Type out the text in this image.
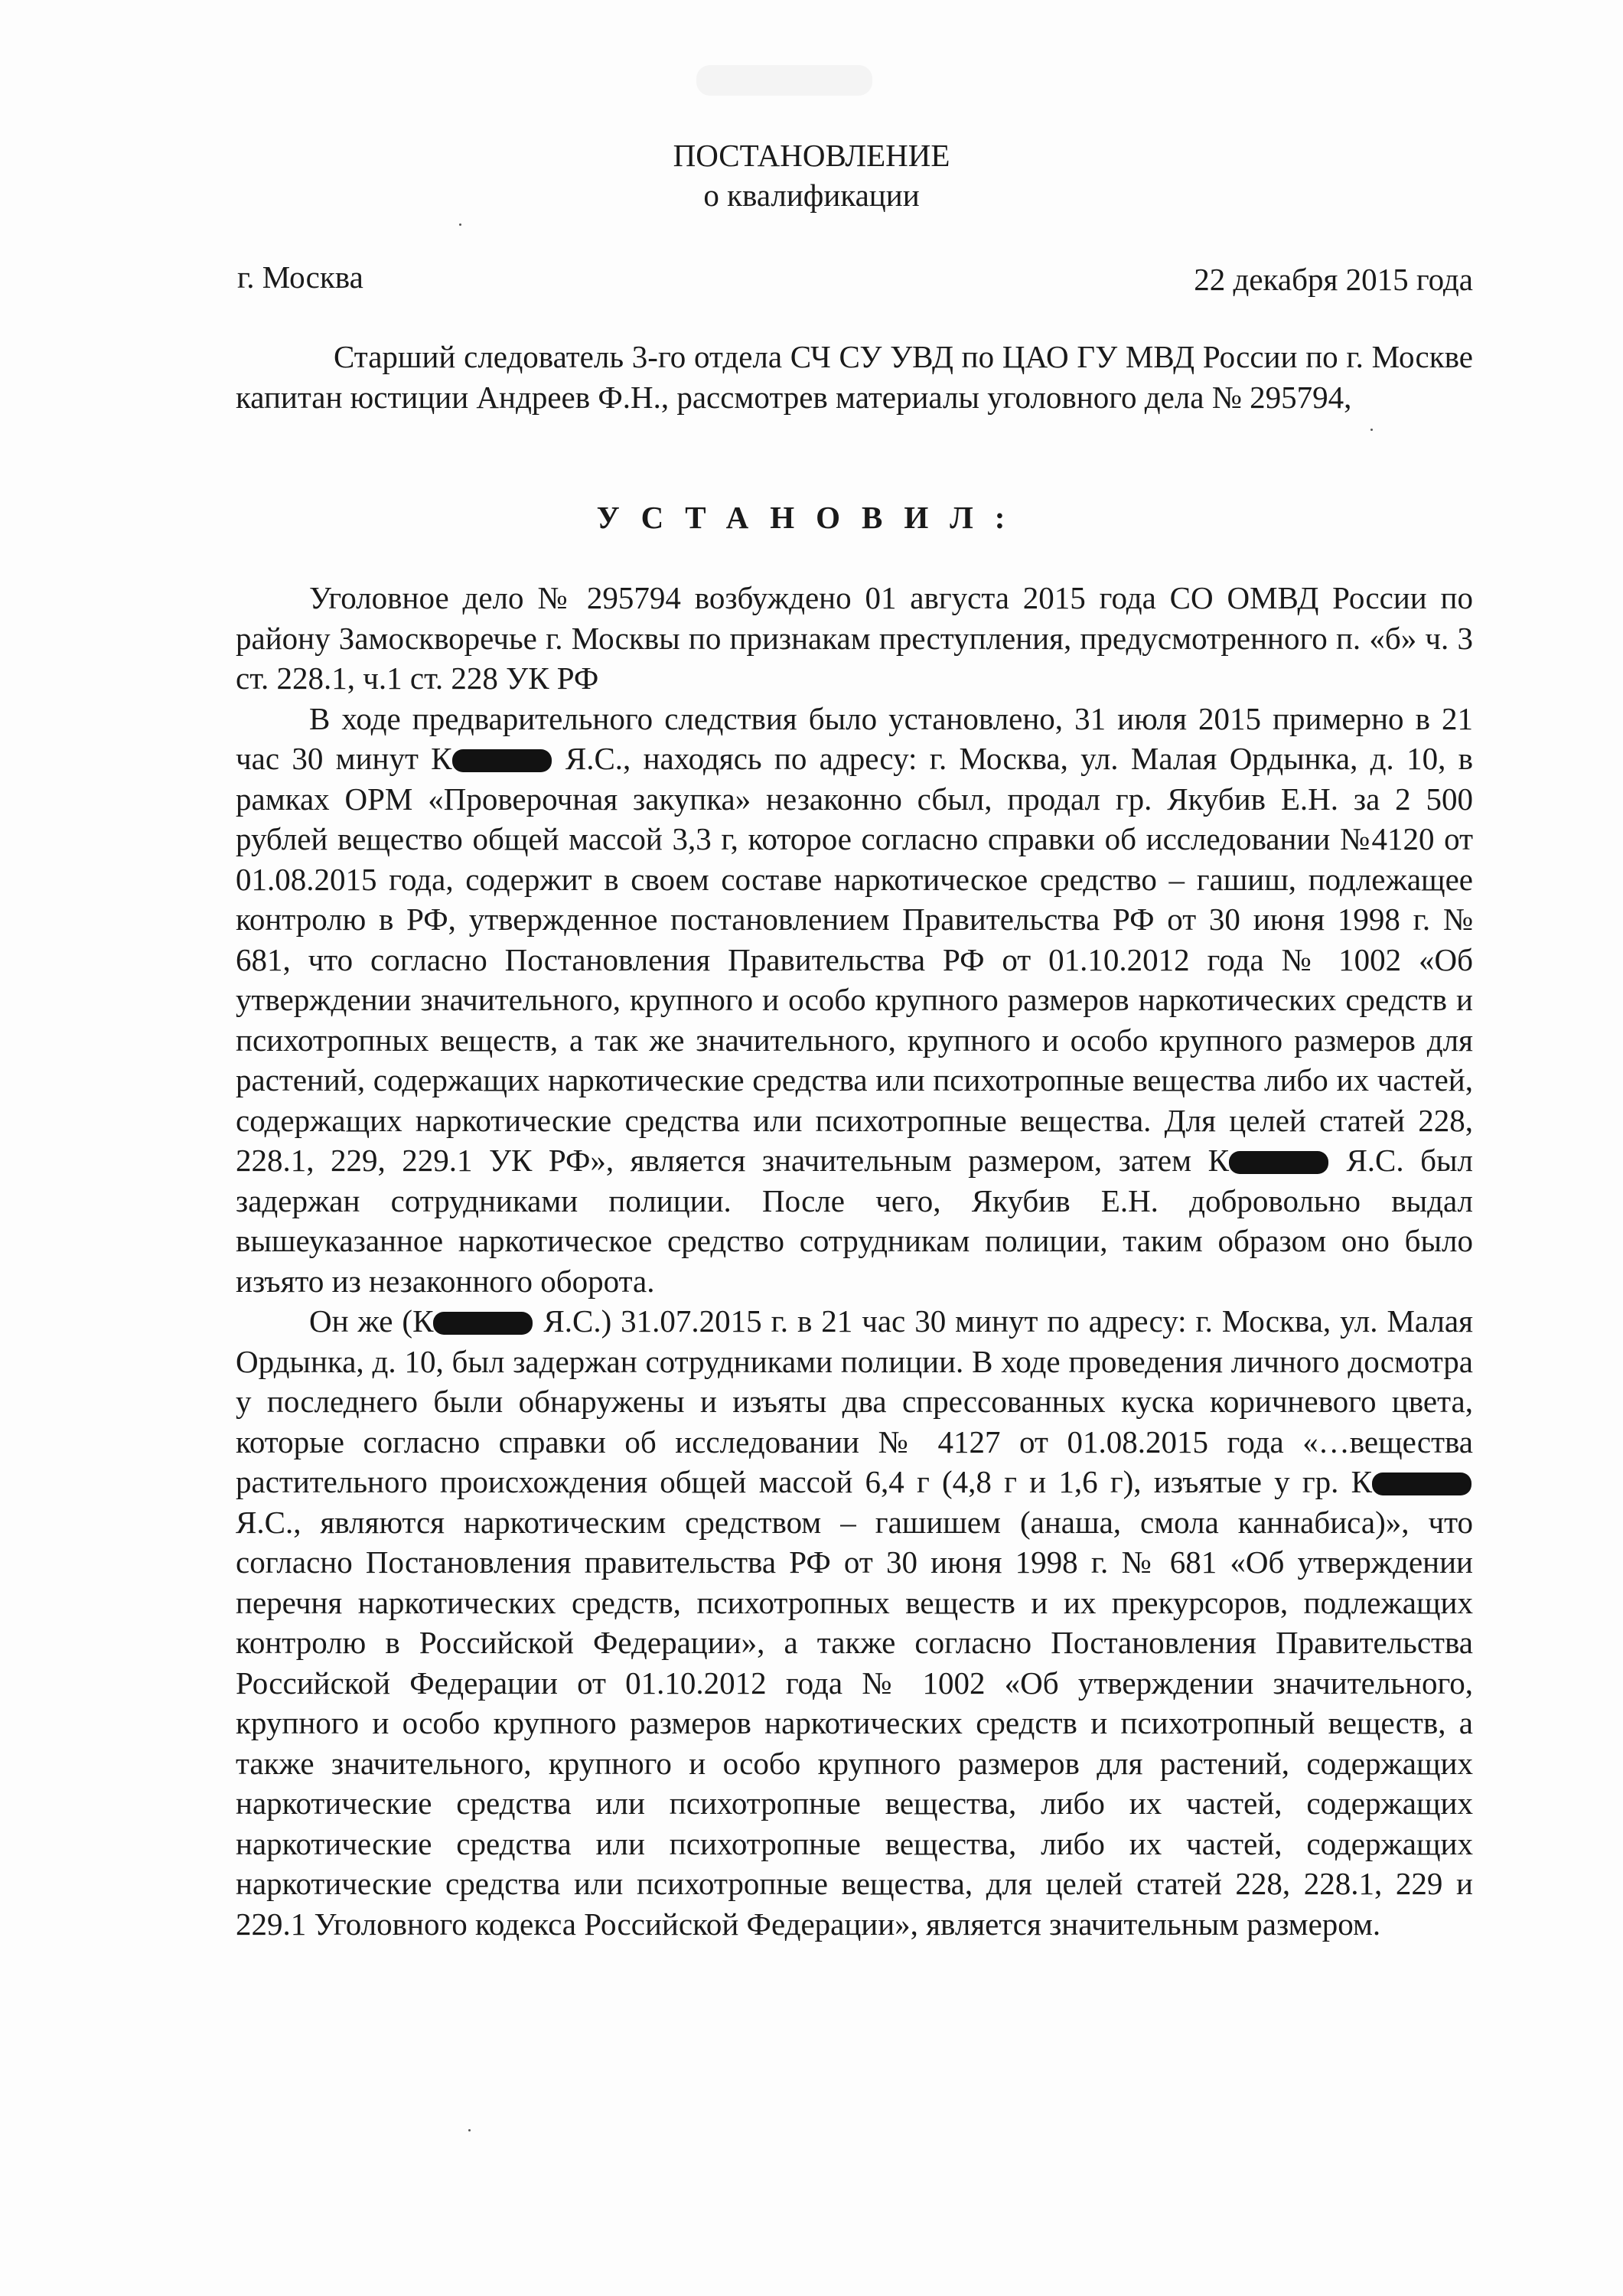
ПОСТАНОВЛЕНИЕ
о квалификации
г. Москва	22 декабря 2015 года
Старший следователь 3-го отдела СЧ СУ УВД по ЦАО ГУ МВД России по г. Москве капитан юстиции Андреев Ф.Н., рассмотрев материалы уголовного дела № 295794,
УСТАНОВИЛ:

Уголовное дело № 295794 возбуждено 01 августа 2015 года СО ОМВД России по району Замоскворечье г. Москвы по признакам преступления, предусмотренного п. «б» ч. 3 ст. 228.1, ч.1 ст. 228 УК РФ

В ходе предварительного следствия было установлено, 31 июля 2015 примерно в 21 час 30 минут К	Я.С., находясь по адресу: г. Москва, ул. Малая Ордынка, д. 10, в рамках ОРМ «Проверочная закупка» незаконно сбыл, продал гр. Якубив Е.Н. за 2 500 рублей вещество общей массой 3,3 г, которое согласно справки об исследовании №4120 от 01.08.2015 года, содержит в своем составе наркотическое средство – гашиш, подлежащее контролю в РФ, утвержденное постановлением Правительства РФ от 30 июня 1998 г. № 681, что согласно Постановления Правительства РФ от 01.10.2012 года № 1002 «Об утверждении значительного, крупного и особо крупного размеров наркотических средств и психотропных веществ, а так же значительного, крупного и особо крупного размеров для растений, содержащих наркотические средства или психотропные вещества либо их частей, содержащих наркотические средства или психотропные вещества. Для целей статей 228, 228.1, 229, 229.1 УК РФ», является значительным размером, затем К	Я.С. был задержан сотрудниками полиции. После чего, Якубив Е.Н. добровольно выдал вышеуказанное наркотическое средство сотрудникам полиции, таким образом оно было изъято из незаконного оборота.

Он же (К	Я.С.) 31.07.2015 г. в 21 час 30 минут по адресу: г. Москва, ул. Малая Ордынка, д. 10, был задержан сотрудниками полиции. В ходе проведения личного досмотра у последнего были обнаружены и изъяты два спрессованных куска коричневого цвета, которые согласно справки об исследовании № 4127 от 01.08.2015 года «…вещества растительного происхождения общей массой 6,4 г (4,8 г и 1,6 г), изъятые у гр. К Я.С., являются наркотическим средством – гашишем (анаша, смола каннабиса)», что согласно Постановления правительства РФ от 30 июня 1998 г. № 681 «Об утверждении перечня наркотических средств, психотропных веществ и их прекурсоров, подлежащих контролю в Российской Федерации», а также согласно Постановления Правительства Российской Федерации от 01.10.2012 года № 1002 «Об утверждении значительного, крупного и особо крупного размеров наркотических средств и психотропный веществ, а также значительного, крупного и особо крупного размеров для растений, содержащих наркотические средства или психотропные вещества, либо их частей, содержащих наркотические средства или психотропные вещества, либо их частей, содержащих наркотические средства или психотропные вещества, для целей статей 228, 228.1, 229 и 229.1 Уголовного кодекса Российской Федерации», является значительным размером.
